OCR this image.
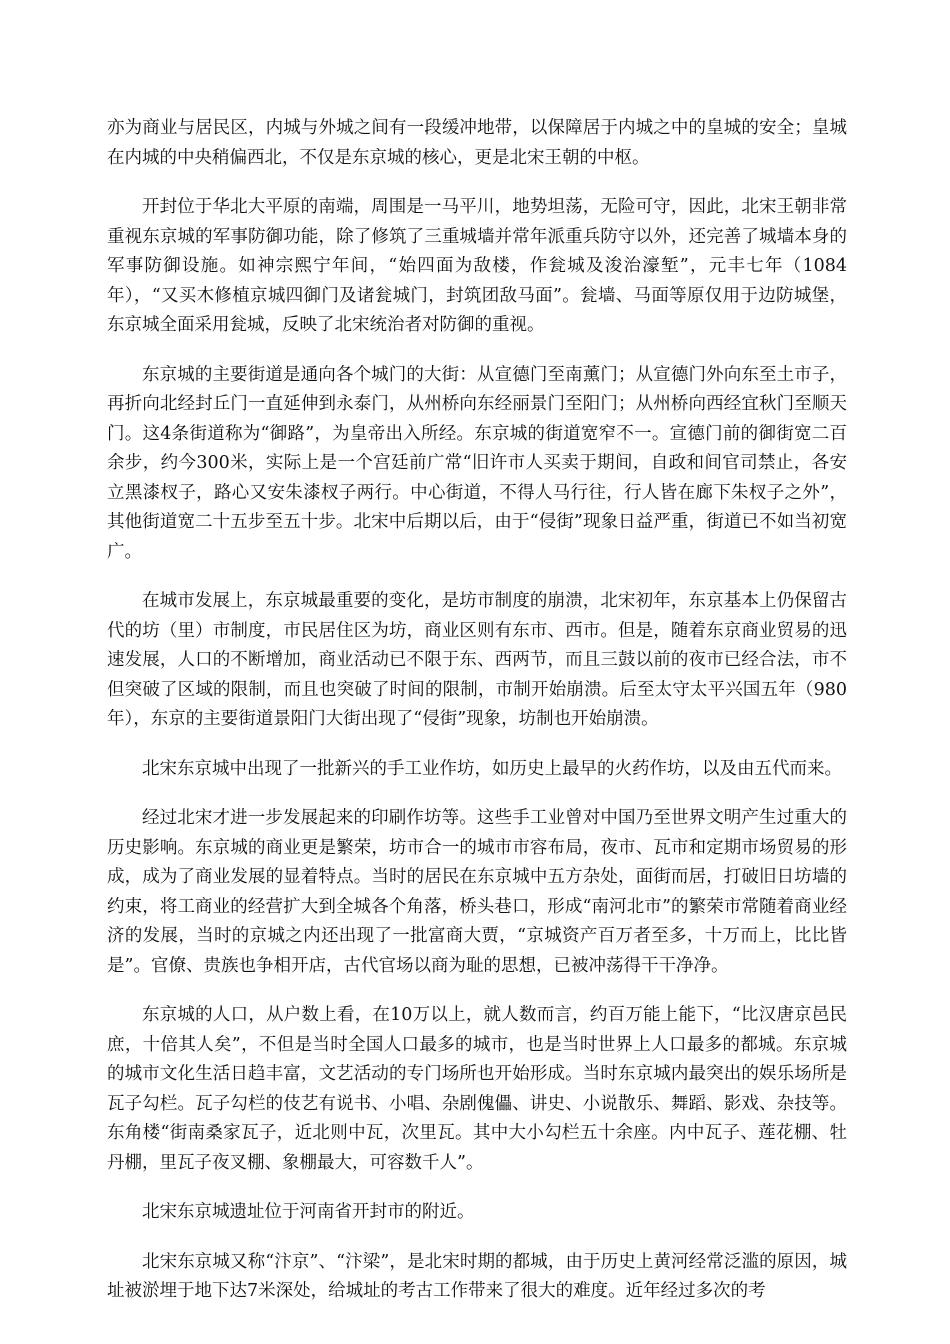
亦为商业与居民区，内城与外城之间有一段缓冲地带，以保障居于内城之中的皇城的安全；皇城在内城的中央稍偏西北，不仅是东京城的核心，更是北宋王朝的中枢。

开封位于华北大平原的南端，周围是一马平川，地势坦荡，无险可守，因此，北宋王朝非常重视东京城的军事防御功能，除了修筑了三重城墙并常年派重兵防守以外，还完善了城墙本身的军事防御设施。如神宗熙宁年间，“始四面为敌楼，作瓮城及浚治濠堑”，元丰七年（1084年），“又买木修植京城四御门及诸瓮城门，封筑团敌马面”。瓮墙、马面等原仅用于边防城堡，东京城全面采用瓮城，反映了北宋统治者对防御的重视。

东京城的主要街道是通向各个城门的大街：从宣德门至南薰门；从宣德门外向东至土市子，再折向北经封丘门一直延伸到永泰门，从州桥向东经丽景门至阳门；从州桥向西经宜秋门至顺天门。这4条街道称为“御路”，为皇帝出入所经。东京城的街道宽窄不一。宣德门前的御街宽二百余步，约今300米，实际上是一个宫廷前广常“旧许市人买卖于期间，自政和间官司禁止，各安立黑漆杈子，路心又安朱漆杈子两行。中心街道，不得人马行往，行人皆在廊下朱杈子之外”，其他街道宽二十五步至五十步。北宋中后期以后，由于“侵街”现象日益严重，街道已不如当初宽广。

在城市发展上，东京城最重要的变化，是坊市制度的崩溃，北宋初年，东京基本上仍保留古代的坊（里）市制度，市民居住区为坊，商业区则有东市、西市。但是，随着东京商业贸易的迅速发展，人口的不断增加，商业活动已不限于东、西两节，而且三鼓以前的夜市已经合法，市不但突破了区域的限制，而且也突破了时间的限制，市制开始崩溃。后至太守太平兴国五年（980年），东京的主要街道景阳门大街出现了“侵街”现象，坊制也开始崩溃。

北宋东京城中出现了一批新兴的手工业作坊，如历史上最早的火药作坊，以及由五代而来。

经过北宋才进一步发展起来的印刷作坊等。这些手工业曾对中国乃至世界文明产生过重大的历史影响。东京城的商业更是繁荣，坊市合一的城市市容布局，夜市、瓦市和定期市场贸易的形成，成为了商业发展的显着特点。当时的居民在东京城中五方杂处，面街而居，打破旧日坊墙的约束，将工商业的经营扩大到全城各个角落，桥头巷口，形成“南河北市”的繁荣市常随着商业经济的发展，当时的京城之内还出现了一批富商大贾，“京城资产百万者至多，十万而上，比比皆是”。官僚、贵族也争相开店，古代官场以商为耻的思想，已被冲荡得干干净净。

东京城的人口，从户数上看，在10万以上，就人数而言，约百万能上能下，“比汉唐京邑民庶，十倍其人矣”，不但是当时全国人口最多的城市，也是当时世界上人口最多的都城。东京城的城市文化生活日趋丰富，文艺活动的专门场所也开始形成。当时东京城内最突出的娱乐场所是瓦子勾栏。瓦子勾栏的伎艺有说书、小唱、杂剧傀儡、讲史、小说散乐、舞蹈、影戏、杂技等。东角楼“街南桑家瓦子，近北则中瓦，次里瓦。其中大小勾栏五十余座。内中瓦子、莲花棚、牡丹棚，里瓦子夜叉棚、象棚最大，可容数千人”。

北宋东京城遗址位于河南省开封市的附近。

北宋东京城又称“汴京”、“汴梁”，是北宋时期的都城，由于历史上黄河经常泛滥的原因，城址被淤埋于地下达7米深处，给城址的考古工作带来了很大的难度。近年经过多次的考
